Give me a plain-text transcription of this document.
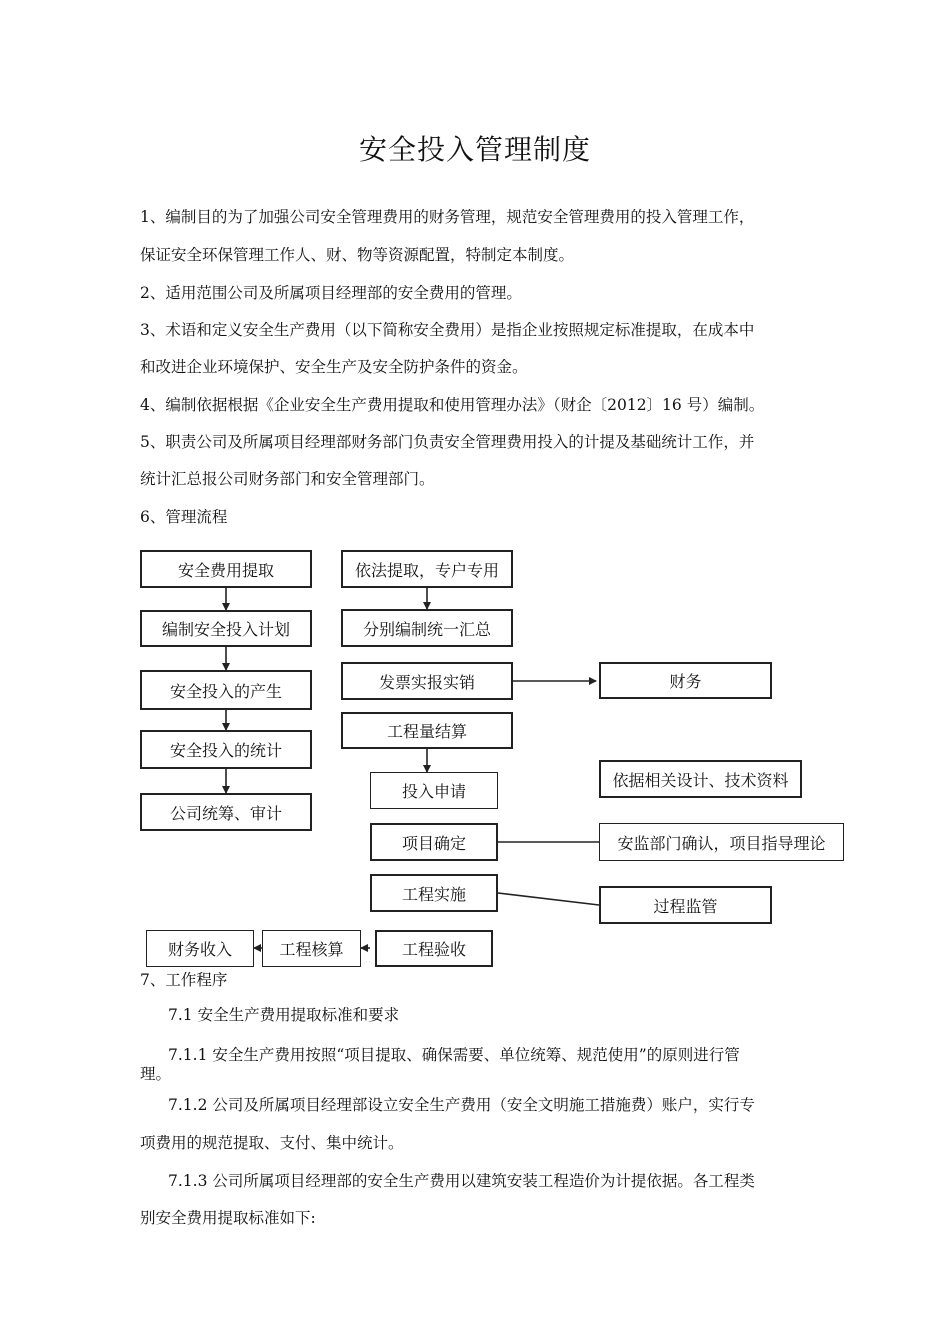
安全投入管理制度
1、编制目的为了加强公司安全管理费用的财务管理，规范安全管理费用的投入管理工作，
保证安全环保管理工作人、财、物等资源配置，特制定本制度。
2、适用范围公司及所属项目经理部的安全费用的管理。
3、术语和定义安全生产费用（以下简称安全费用）是指企业按照规定标准提取，在成本中
和改进企业环境保护、安全生产及安全防护条件的资金。
4、编制依据根据《企业安全生产费用提取和使用管理办法》（财企〔2012〕16 号）编制。
5、职责公司及所属项目经理部财务部门负责安全管理费用投入的计提及基础统计工作，并
统计汇总报公司财务部门和安全管理部门。
6、管理流程
安全费用提取
编制安全投入计划
安全投入的产生
安全投入的统计
公司统筹、审计
依法提取，专户专用
分别编制统一汇总
发票实报实销
工程量结算
投入申请
项目确定
工程实施
工程验收
工程核算
财务收入
财务
依据相关设计、技术资料
安监部门确认，项目指导理论
过程监管
7、工作程序
7.1 安全生产费用提取标准和要求
7.1.1 安全生产费用按照“项目提取、确保需要、单位统筹、规范使用”的原则进行管
理。
7.1.2 公司及所属项目经理部设立安全生产费用（安全文明施工措施费）账户，实行专
项费用的规范提取、支付、集中统计。
7.1.3 公司所属项目经理部的安全生产费用以建筑安装工程造价为计提依据。各工程类
别安全费用提取标准如下:
